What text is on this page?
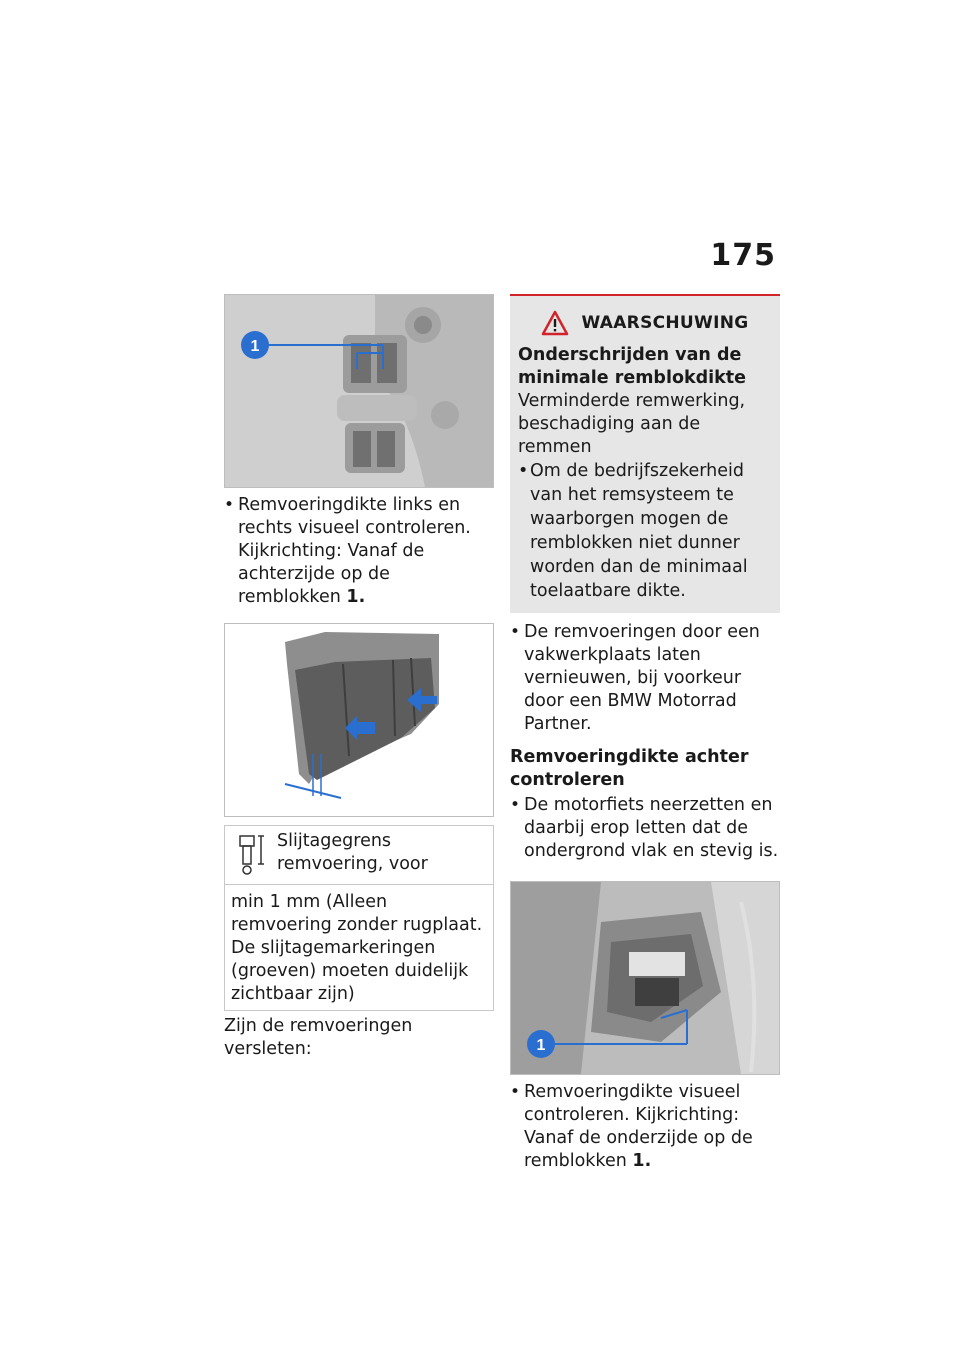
175
1
• Remvoeringdikte links en rechts visueel controleren. Kijkrichting: Vanaf de achterzijde op de remblokken 1.
Slijtagegrens remvoering, voor
min 1 mm (Alleen remvoering zonder rugplaat. De slijtagemarkeringen (groeven) moeten duidelijk zichtbaar zijn)
Zijn de remvoeringen versleten:
WAARSCHUWING
Onderschrijden van de minimale remblokdikte
Verminderde remwerking, beschadiging aan de remmen
• Om de bedrijfszekerheid van het remsysteem te waarborgen mogen de remblokken niet dunner worden dan de minimaal toelaatbare dikte.
• De remvoeringen door een vakwerkplaats laten vernieuwen, bij voorkeur door een BMW Motorrad Partner.
Remvoeringdikte achter controleren
• De motorfiets neerzetten en daarbij erop letten dat de ondergrond vlak en stevig is.
1
• Remvoeringdikte visueel controleren. Kijkrichting: Vanaf de onderzijde op de remblokken 1.
